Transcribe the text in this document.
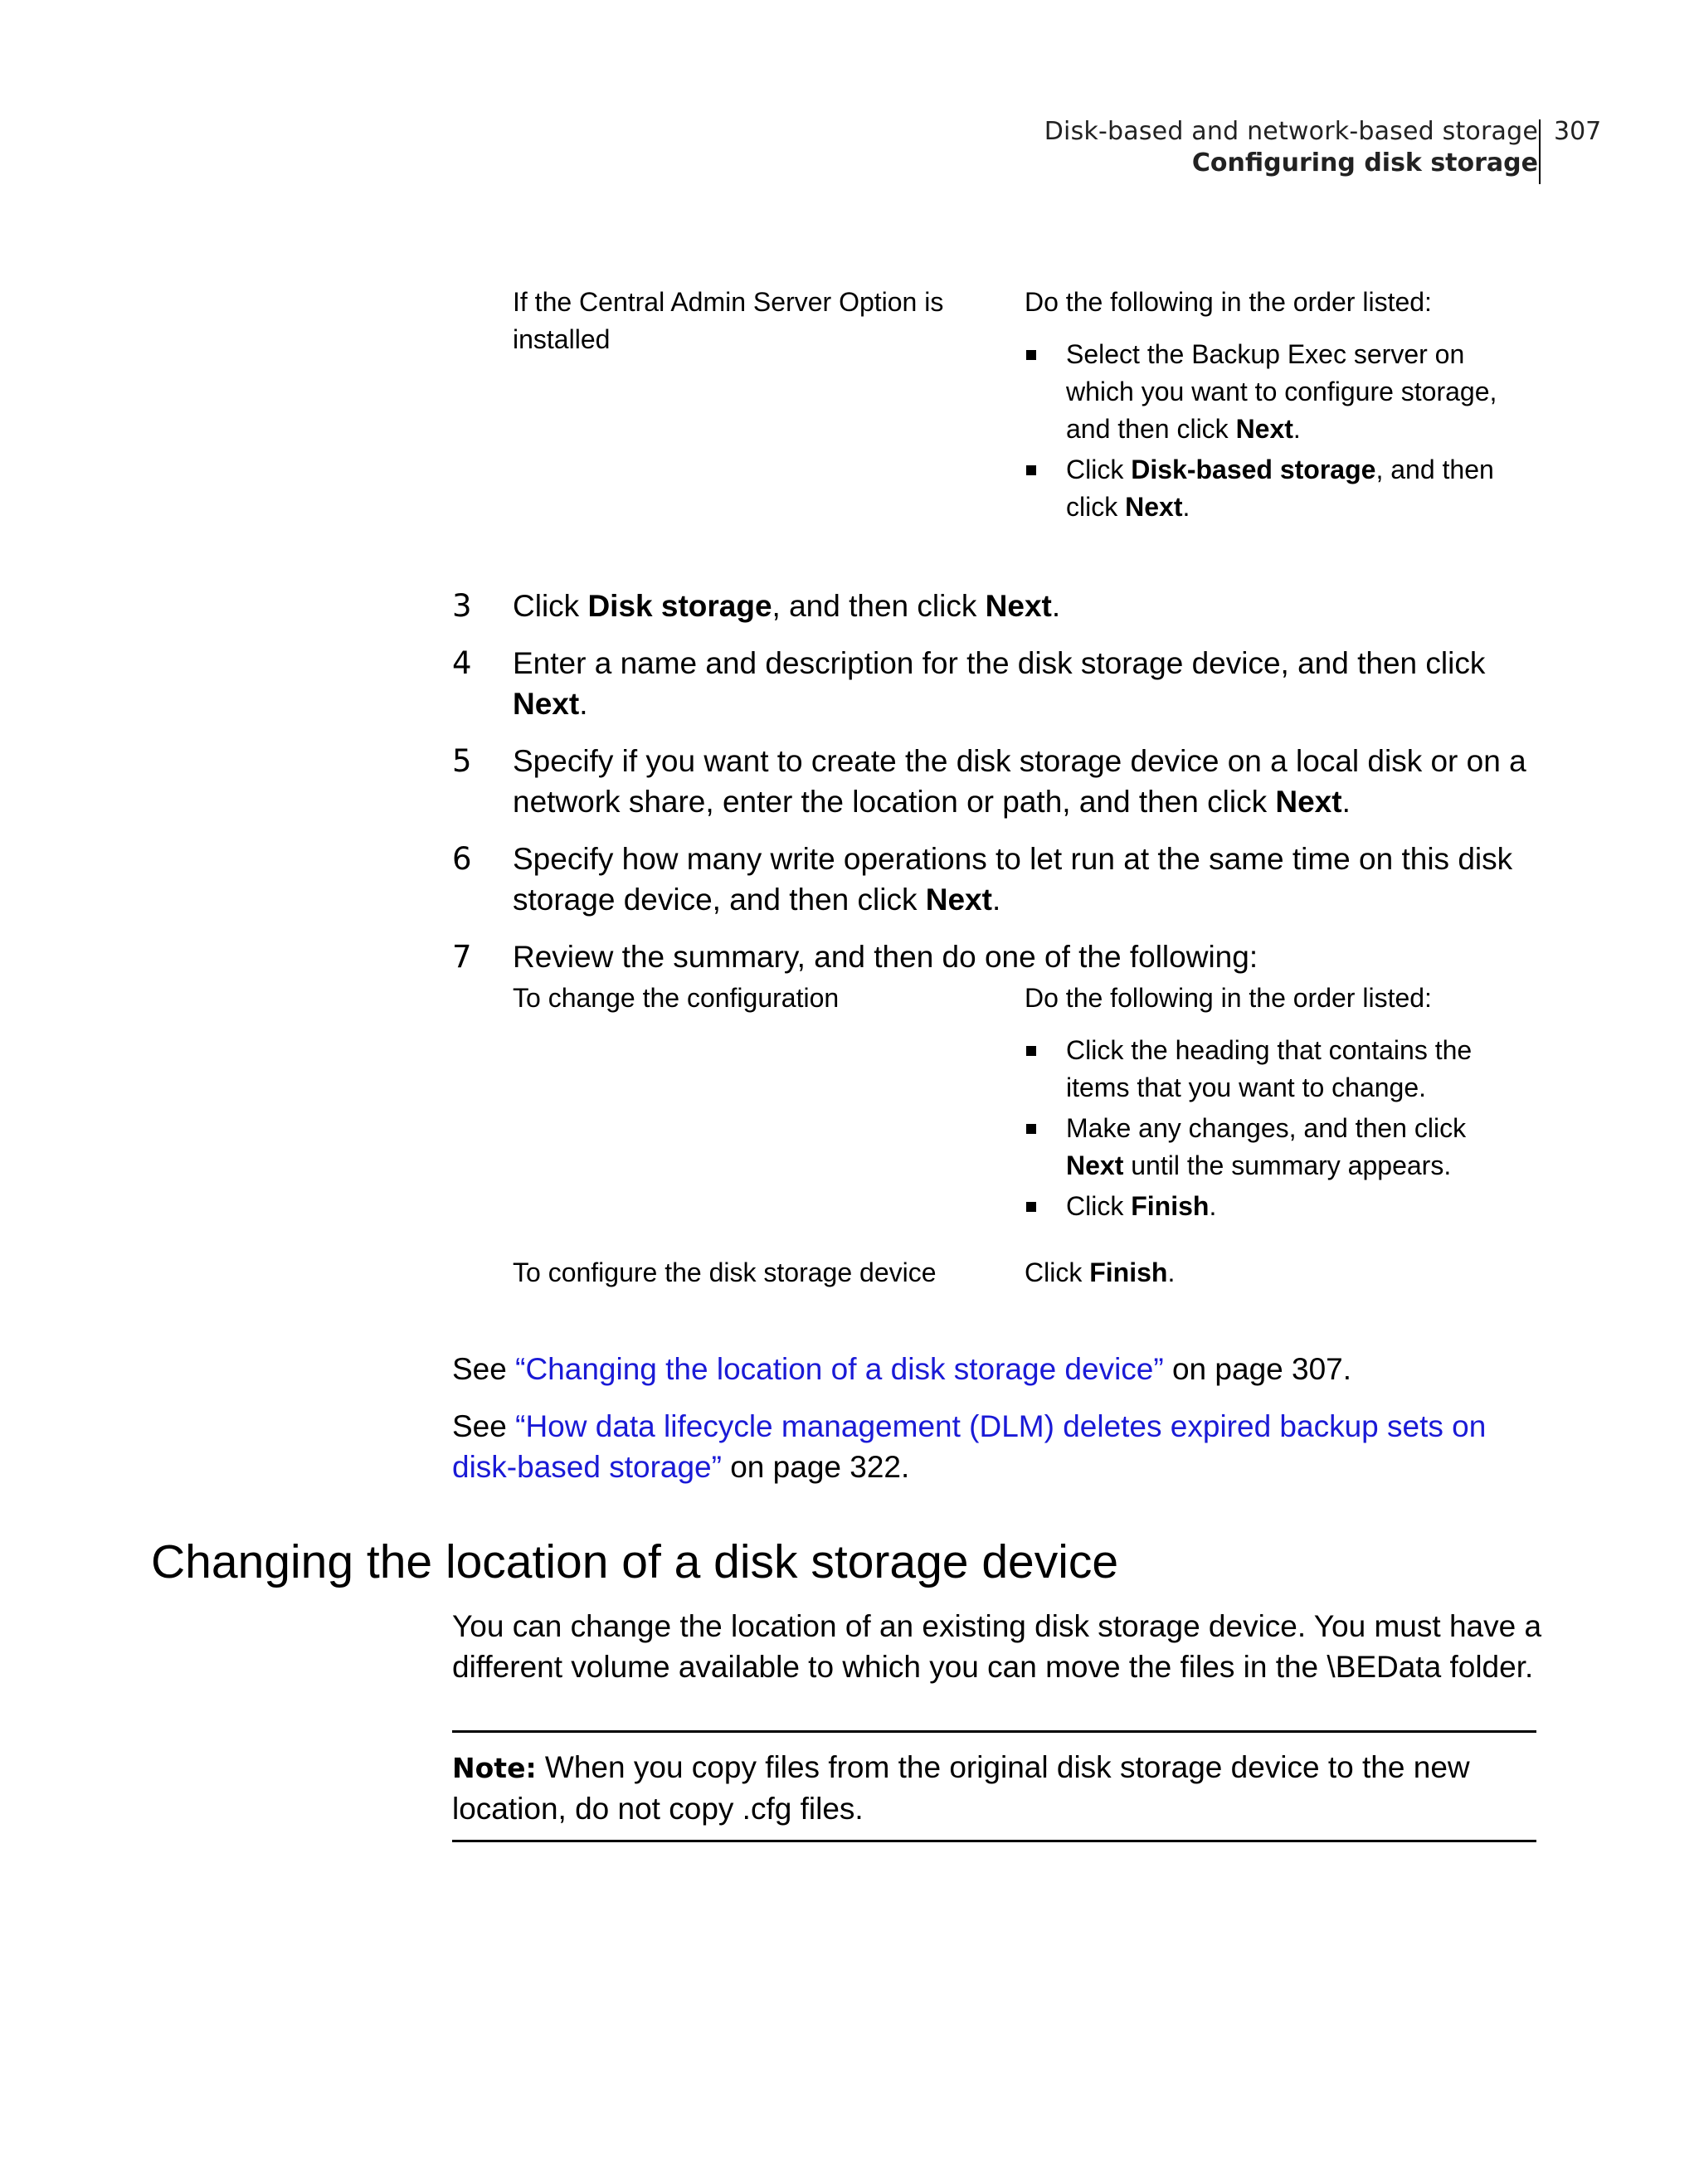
Disk-based and network-based storage
Configuring disk storage
307
If the Central Admin Server Option is installed

Do the following in the order listed:

Select the Backup Exec server on which you want to configure storage, and then click Next.
Click Disk-based storage, and then click Next.
3 Click Disk storage, and then click Next.
4 Enter a name and description for the disk storage device, and then click Next.
5 Specify if you want to create the disk storage device on a local disk or on a network share, enter the location or path, and then click Next.
6 Specify how many write operations to let run at the same time on this disk storage device, and then click Next.
7 Review the summary, and then do one of the following:
To change the configuration	Do the following in the order listed:

Click the heading that contains the items that you want to change.
Make any changes, and then click Next until the summary appears.
Click Finish.
To configure the disk storage device	Click Finish.

See “Changing the location of a disk storage device” on page 307.

See “How data lifecycle management (DLM) deletes expired backup sets on disk-based storage” on page 322.

Changing the location of a disk storage device

You can change the location of an existing disk storage device. You must have a different volume available to which you can move the files in the \BEData folder.

Note: When you copy files from the original disk storage device to the new location, do not copy .cfg files.
